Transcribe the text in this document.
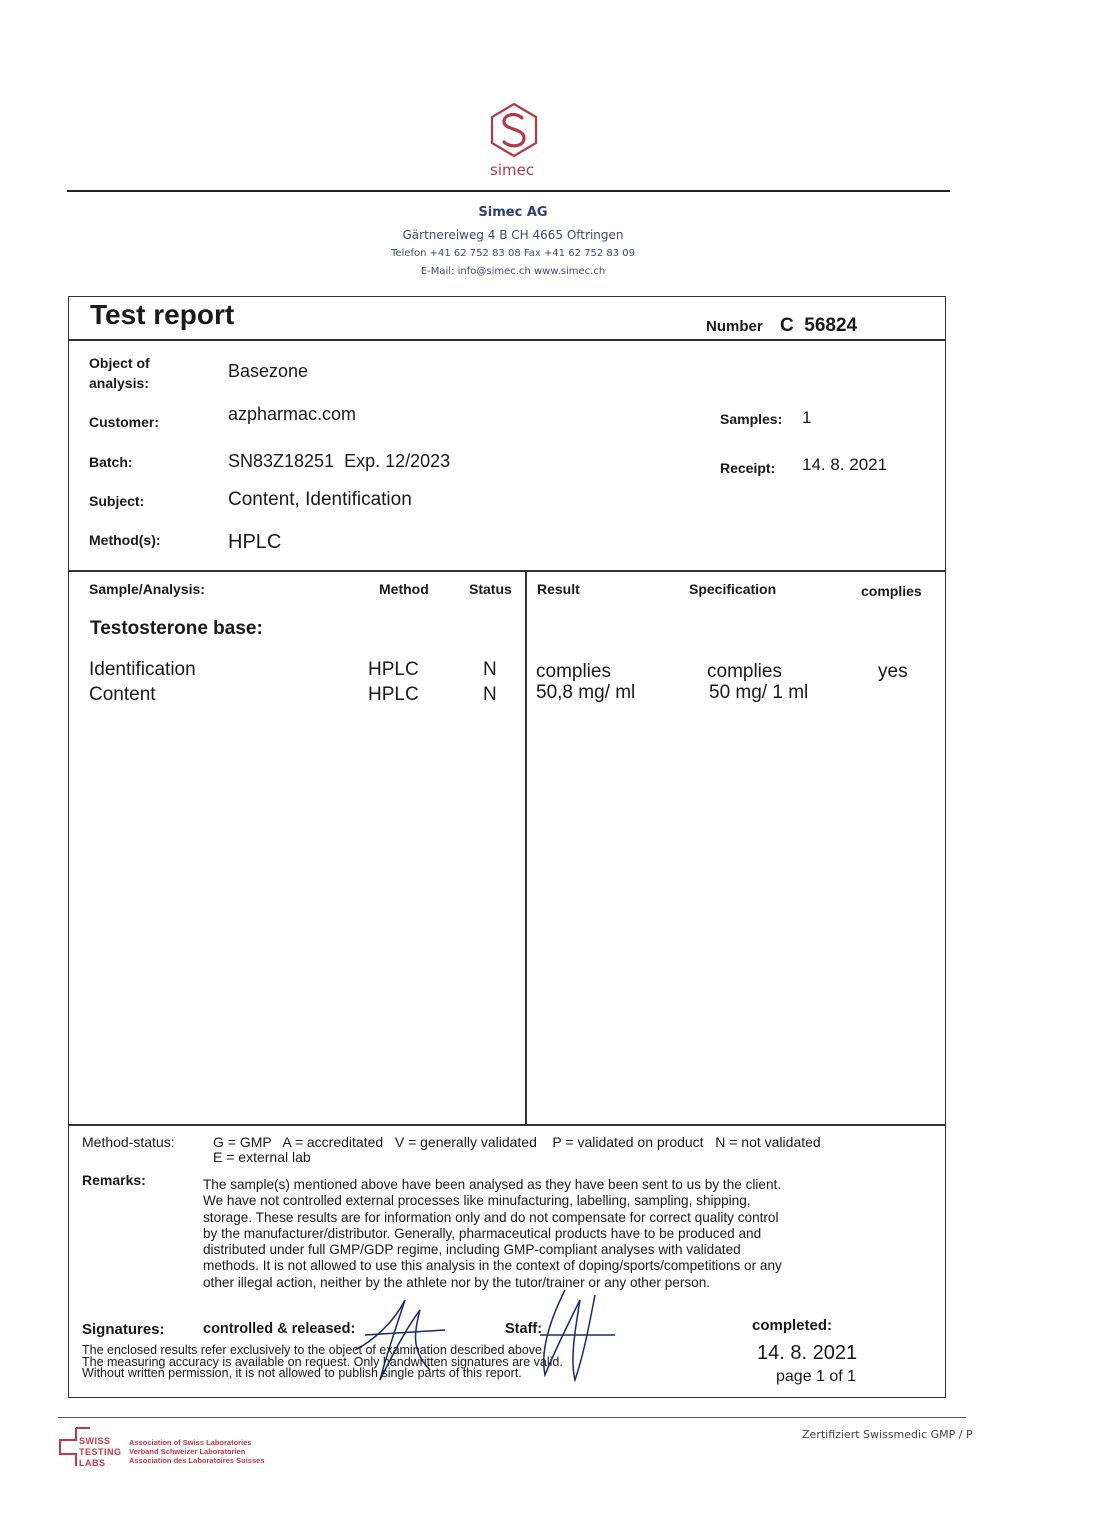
simec
Simec AG
Gärtnereiweg 4 B CH 4665 Oftringen
Telefon +41 62 752 83 08 Fax +41 62 752 83 09
E-Mail: info@simec.ch www.simec.ch
Test report	Number C  56824
Object of
analysis:
Basezone
Customer:	azpharmac.com	Samples: 1
Batch:	SN83Z18251  Exp. 12/2023	Receipt: 14. 8. 2021
Subject:	Content, Identification
Method(s):	HPLC
Sample/Analysis:	Method	Status Result	Specification	complies
Testosterone base:
Identification	HPLC	N complies	complies	yes
Content	HPLC	N 50,8 mg/ ml	50 mg/ 1 ml
Method-status:	G = GMP   A = accreditated   V = generally validated    P = validated on product   N = not validated
E = external lab
Remarks:	The sample(s) mentioned above have been analysed as they have been sent to us by the client.
We have not controlled external processes like minufacturing, labelling, sampling, shipping,
storage. These results are for information only and do not compensate for correct quality control
by the manufacturer/distributor. Generally, pharmaceutical products have to be produced and
distributed under full GMP/GDP regime, including GMP-compliant analyses with validated
methods. It is not allowed to use this analysis in the context of doping/sports/competitions or any
other illegal action, neither by the athlete nor by the tutor/trainer or any other person.
Signatures:	controlled & released:	Staff:	completed:
14. 8. 2021
page 1 of 1
The enclosed results refer exclusively to the object of examination described above.
The measuring accuracy is available on request. Only handwritten signatures are valid.
Without written permission, it is not allowed to publish single parts of this report.
SWISS
TESTING
LABS
Association of Swiss Laboratories
Verband Schweizer Laboratorien
Association des Laboratoires Suisses
Zertifiziert Swissmedic GMP / P
